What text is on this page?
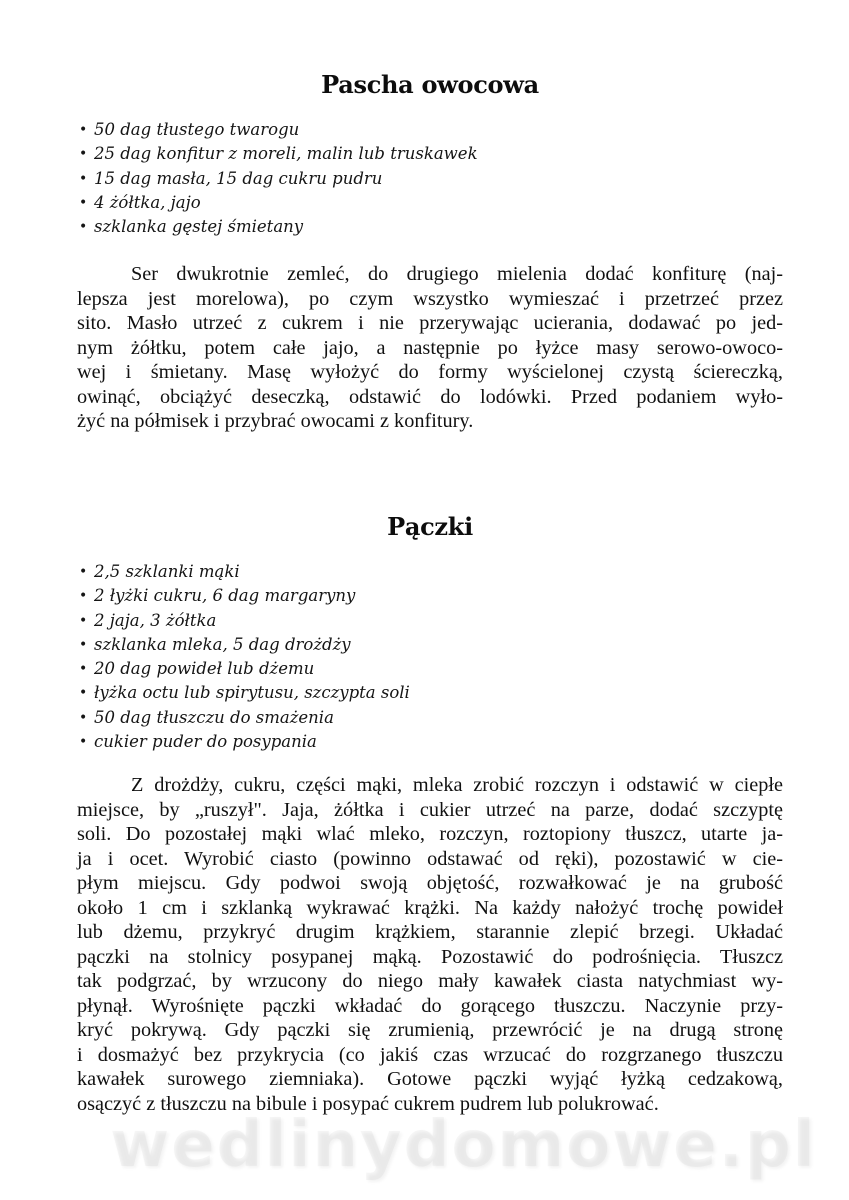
Pascha owocowa
• 50 dag tłustego twarogu
• 25 dag konfitur z moreli, malin lub truskawek
• 15 dag masła, 15 dag cukru pudru
• 4 żółtka, jajo
• szklanka gęstej śmietany
Ser dwukrotnie zemleć, do drugiego mielenia dodać konfiturę (naj-
lepsza jest morelowa), po czym wszystko wymieszać i przetrzeć przez
sito. Masło utrzeć z cukrem i nie przerywając ucierania, dodawać po jed-
nym żółtku, potem całe jajo, a następnie po łyżce masy serowo-owoco-
wej i śmietany. Masę wyłożyć do formy wyścielonej czystą ściereczką,
owinąć, obciążyć deseczką, odstawić do lodówki. Przed podaniem wyło-
żyć na półmisek i przybrać owocami z konfitury.
Pączki
• 2,5 szklanki mąki
• 2 łyżki cukru, 6 dag margaryny
• 2 jaja, 3 żółtka
• szklanka mleka, 5 dag drożdży
• 20 dag powideł lub dżemu
• łyżka octu lub spirytusu, szczypta soli
• 50 dag tłuszczu do smażenia
• cukier puder do posypania
Z drożdży, cukru, części mąki, mleka zrobić rozczyn i odstawić w ciepłe
miejsce, by „ruszył". Jaja, żółtka i cukier utrzeć na parze, dodać szczyptę
soli. Do pozostałej mąki wlać mleko, rozczyn, roztopiony tłuszcz, utarte ja-
ja i ocet. Wyrobić ciasto (powinno odstawać od ręki), pozostawić w cie-
płym miejscu. Gdy podwoi swoją objętość, rozwałkować je na grubość
około 1 cm i szklanką wykrawać krążki. Na każdy nałożyć trochę powideł
lub dżemu, przykryć drugim krążkiem, starannie zlepić brzegi. Układać
pączki na stolnicy posypanej mąką. Pozostawić do podrośnięcia. Tłuszcz
tak podgrzać, by wrzucony do niego mały kawałek ciasta natychmiast wy-
płynął. Wyrośnięte pączki wkładać do gorącego tłuszczu. Naczynie przy-
kryć pokrywą. Gdy pączki się zrumienią, przewrócić je na drugą stronę
i dosmażyć bez przykrycia (co jakiś czas wrzucać do rozgrzanego tłuszczu
kawałek surowego ziemniaka). Gotowe pączki wyjąć łyżką cedzakową,
osączyć z tłuszczu na bibule i posypać cukrem pudrem lub polukrować.
wedlinydomowe.pl
